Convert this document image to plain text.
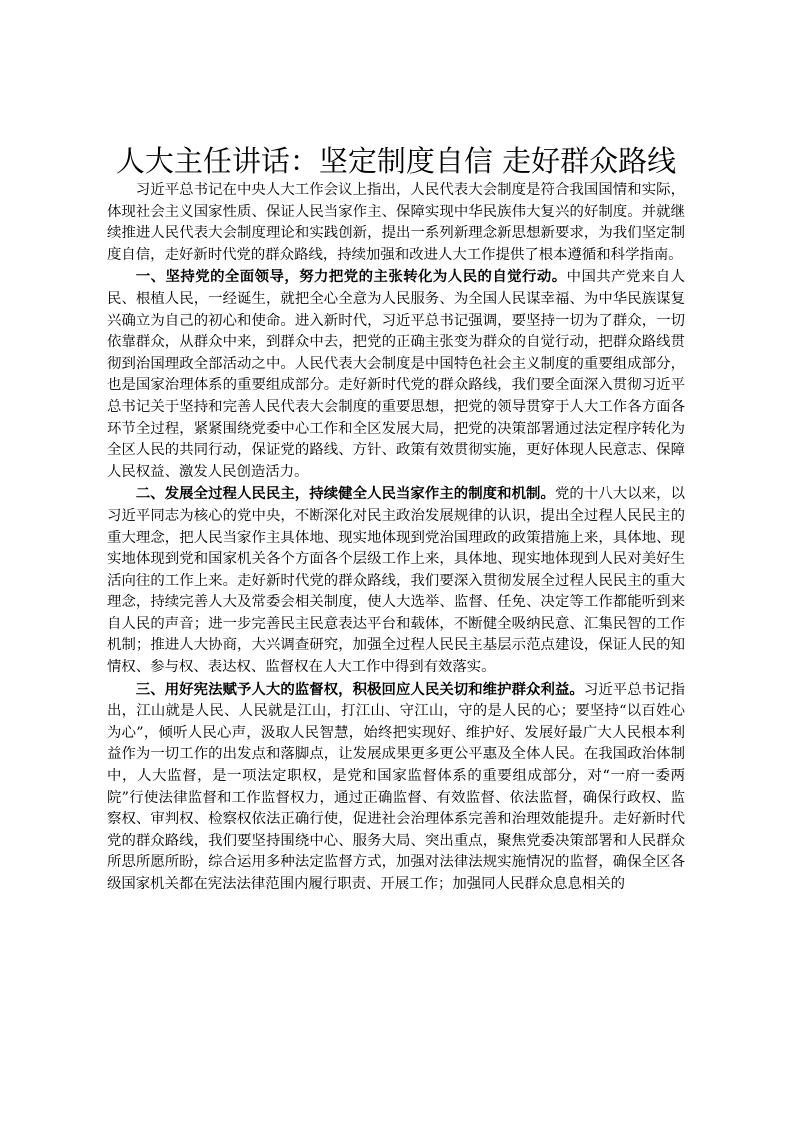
人大主任讲话：坚定制度自信 走好群众路线

习近平总书记在中央人大工作会议上指出，人民代表大会制度是符合我国国情和实际，体现社会主义国家性质、保证人民当家作主、保障实现中华民族伟大复兴的好制度。并就继续推进人民代表大会制度理论和实践创新，提出一系列新理念新思想新要求，为我们坚定制度自信，走好新时代党的群众路线，持续加强和改进人大工作提供了根本遵循和科学指南。

一、坚持党的全面领导，努力把党的主张转化为人民的自觉行动。中国共产党来自人民、根植人民，一经诞生，就把全心全意为人民服务、为全国人民谋幸福、为中华民族谋复兴确立为自己的初心和使命。进入新时代，习近平总书记强调，要坚持一切为了群众，一切依靠群众，从群众中来，到群众中去，把党的正确主张变为群众的自觉行动，把群众路线贯彻到治国理政全部活动之中。人民代表大会制度是中国特色社会主义制度的重要组成部分，也是国家治理体系的重要组成部分。走好新时代党的群众路线，我们要全面深入贯彻习近平总书记关于坚持和完善人民代表大会制度的重要思想，把党的领导贯穿于人大工作各方面各环节全过程，紧紧围绕党委中心工作和全区发展大局，把党的决策部署通过法定程序转化为全区人民的共同行动，保证党的路线、方针、政策有效贯彻实施，更好体现人民意志、保障人民权益、激发人民创造活力。

二、发展全过程人民民主，持续健全人民当家作主的制度和机制。党的十八大以来，以习近平同志为核心的党中央，不断深化对民主政治发展规律的认识，提出全过程人民民主的重大理念，把人民当家作主具体地、现实地体现到党治国理政的政策措施上来，具体地、现实地体现到党和国家机关各个方面各个层级工作上来，具体地、现实地体现到人民对美好生活向往的工作上来。走好新时代党的群众路线，我们要深入贯彻发展全过程人民民主的重大理念，持续完善人大及常委会相关制度，使人大选举、监督、任免、决定等工作都能听到来自人民的声音；进一步完善民主民意表达平台和载体，不断健全吸纳民意、汇集民智的工作机制；推进人大协商，大兴调查研究，加强全过程人民民主基层示范点建设，保证人民的知情权、参与权、表达权、监督权在人大工作中得到有效落实。

三、用好宪法赋予人大的监督权，积极回应人民关切和维护群众利益。习近平总书记指出，江山就是人民、人民就是江山，打江山、守江山，守的是人民的心；要坚持“以百姓心为心”，倾听人民心声，汲取人民智慧，始终把实现好、维护好、发展好最广大人民根本利益作为一切工作的出发点和落脚点，让发展成果更多更公平惠及全体人民。在我国政治体制中，人大监督，是一项法定职权，是党和国家监督体系的重要组成部分，对“一府一委两院”行使法律监督和工作监督权力，通过正确监督、有效监督、依法监督，确保行政权、监察权、审判权、检察权依法正确行使，促进社会治理体系完善和治理效能提升。走好新时代党的群众路线，我们要坚持围绕中心、服务大局、突出重点，聚焦党委决策部署和人民群众所思所愿所盼，综合运用多种法定监督方式，加强对法律法规实施情况的监督，确保全区各级国家机关都在宪法法律范围内履行职责、开展工作；加强同人民群众息息相关的
